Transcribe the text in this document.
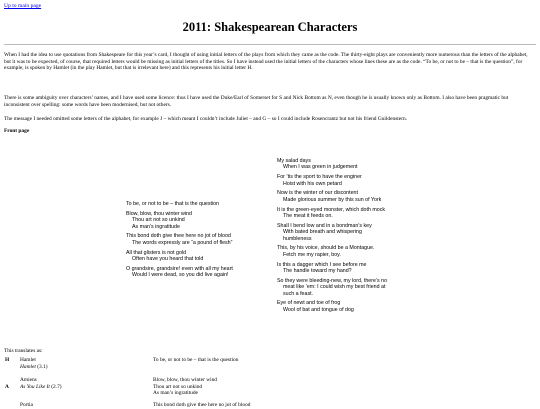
Up to main page
2011: Shakespearean Characters
When I had the idea to use quotations from Shakespeare for this year’s card, I thought of using initial letters of the plays from which they came as the code. The thirty-eight plays are conveniently more numerous than the letters of the alphabet, but it was to be expected, of course, that required letters would be missing as initial letters of the titles. So I have instead used the initial letters of the characters whose lines these are as the code. “To be, or not to be – that is the question”, for example, is spoken by Hamlet (in the play Hamlet, but that is irrelevant here) and this represents his initial letter H.
There is some ambiguity over characters’ names, and I have used some licence: thus I have used the Duke/Earl of Somerset for S and Nick Bottom as N, even though he is usually known only as Bottom. I also have been pragmatic but inconsistent over spelling: some words have been modernised, but not others.
The message I needed omitted some letters of the alphabet, for example J – which meant I couldn’t include Juliet – and G – so I could include Rosencrantz but not his friend Guildenstern.
Front page
To be, or not to be – that is the question
Blow, blow, thou winter wind
Thou art not so unkind
As man’s ingratitude
This bond doth give thee here no jot of blood
The words expressly are “a pound of flesh”
All that glisters is not gold
Often have you heard that told
O grandsire, grandsire! even with all my heart
Would I were dead, so you did live again!
My salad days
When I was green in judgement
For ’tis the sport to have the enginer
Hoist with his own petard
Now is the winter of our discontent
Made glorious summer by this sun of York
It is the green-eyed monster, which doth mock
The meat it feeds on.
Shall I bend low and in a bondman’s key
With bated breath and whispering
humbleness
This, by his voice, should be a Montague.
Fetch me my rapier, boy.
Is this a dagger which I see before me
The handle toward my hand?
So they were bleeding-new, my lord, there’s no
meat like ’em: I could wish my best friend at
such a feast.
Eye of newt and toe of frog
Wool of bat and tongue of dog
This translates as:
H Hamlet
Hamlet (3.1)
To be, or not to be – that is the question
A
Amiens
As You Like It (2.7)
Blow, blow, thou winter wind
Thou art not so unkind
As man’s ingratitude
Portia	This bond doth give thee here no jot of blood
